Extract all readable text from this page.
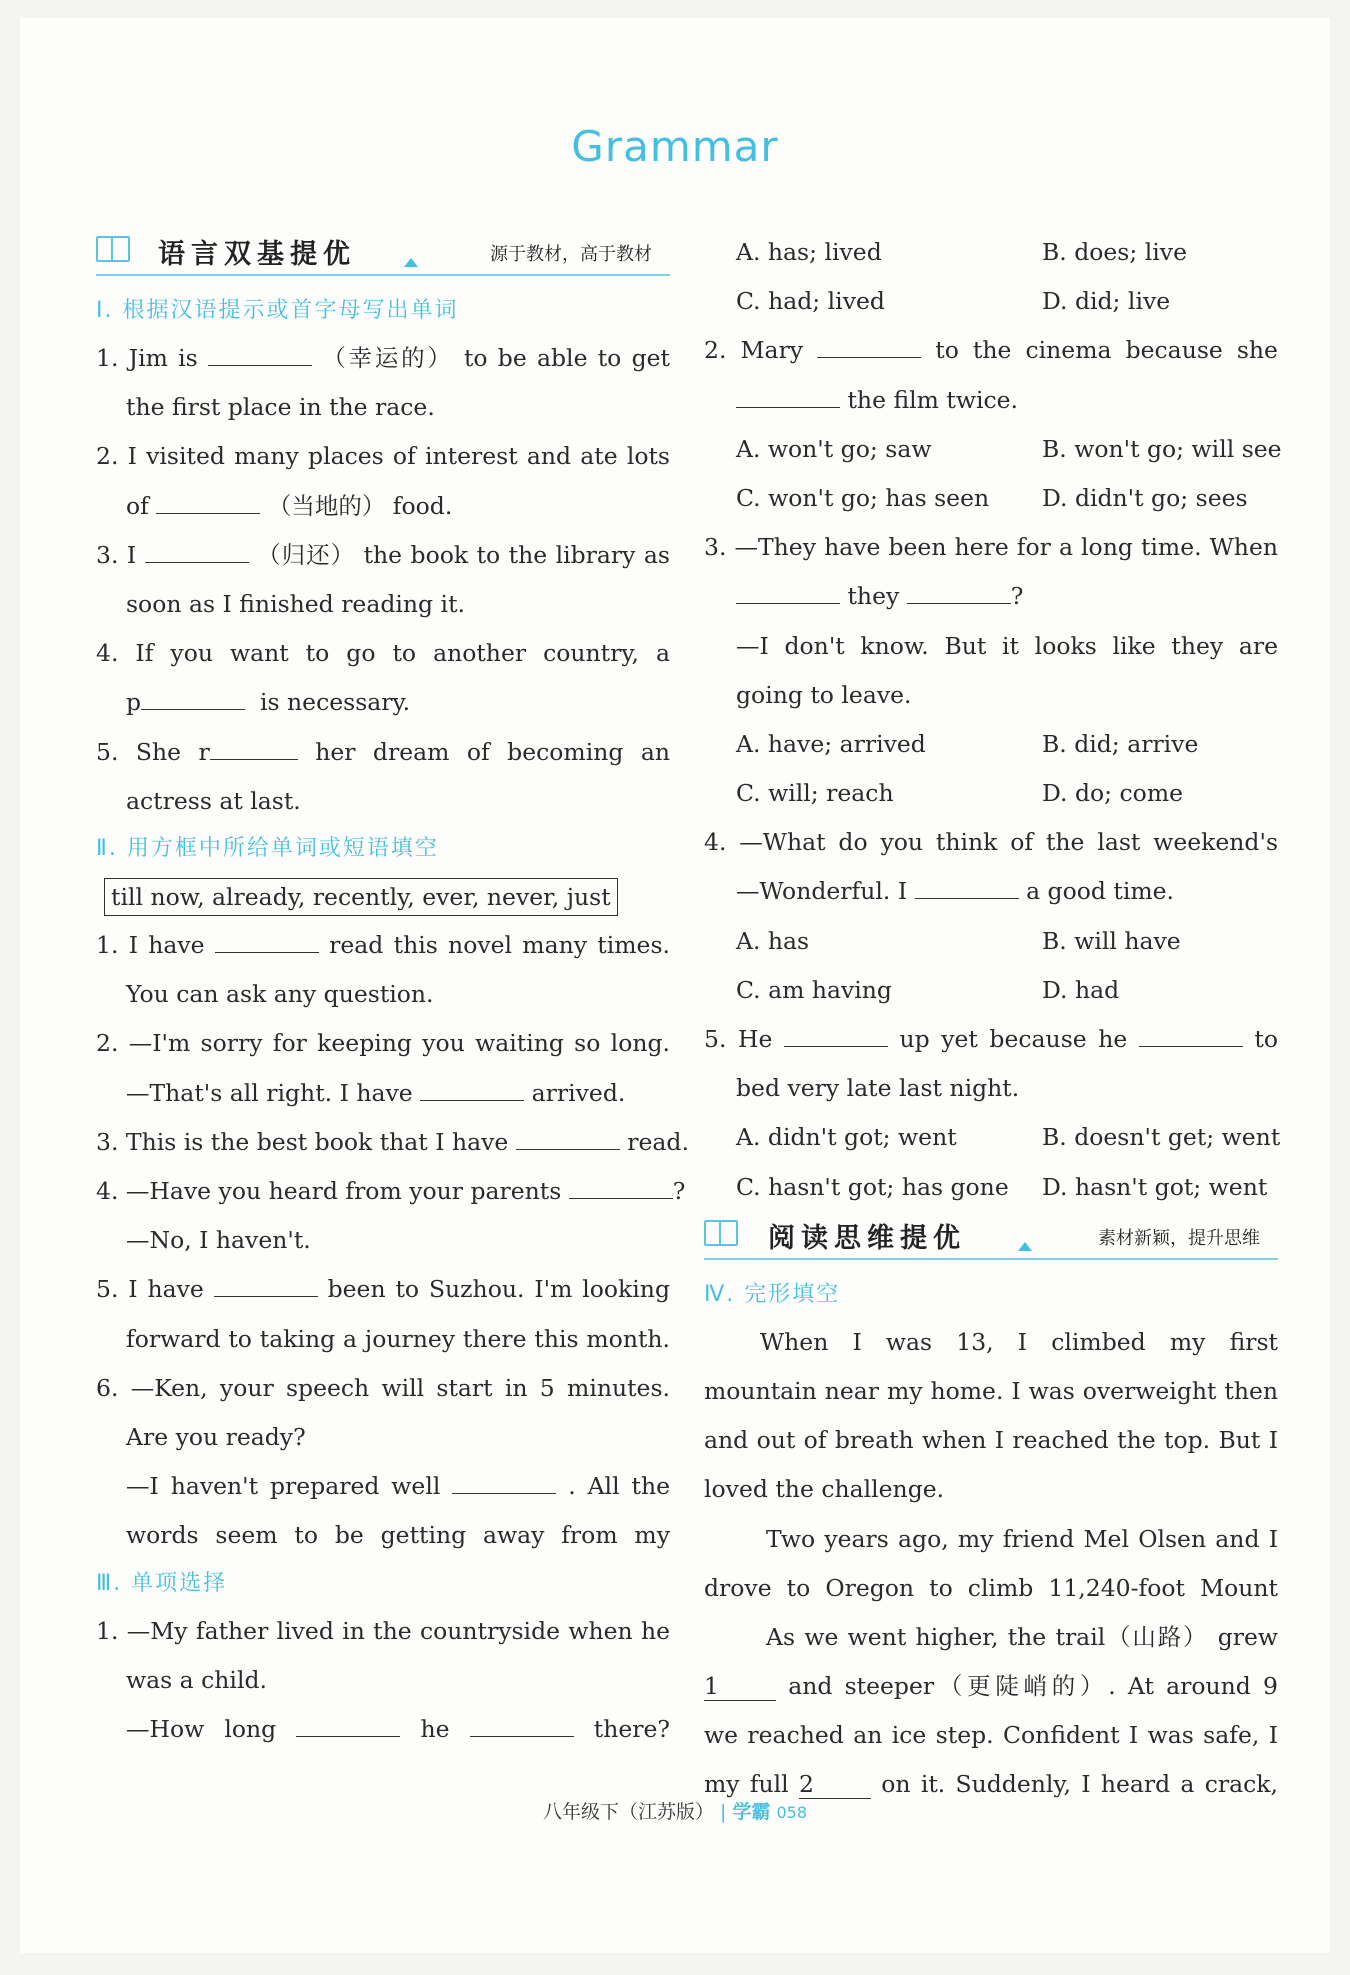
Grammar
语言双基提优	源于教材，高于教材
Ⅰ. 根据汉语提示或首字母写出单词
1. Jim is	（幸运的） to be able to get
the first place in the race.
2. I visited many places of interest and ate lots
of	（当地的） food.
3. I	（归还） the book to the library as
soon as I finished reading it.
4. If you want to go to another country, a
p	is necessary.
5. She r	her dream of becoming an
actress at last.
Ⅱ. 用方框中所给单词或短语填空
till now, already, recently, ever, never, just
1. I have	read this novel many times.
You can ask any question.
2. —I'm sorry for keeping you waiting so long.
—That's all right. I have	arrived.
3. This is the best book that I have	read.
4. —Have you heard from your parents	?
—No, I haven't.
5. I have	been to Suzhou. I'm looking
forward to taking a journey there this month.
6. —Ken, your speech will start in 5 minutes.
Are you ready?
—I haven't prepared well	. All the
words seem to be getting away from my
Ⅲ. 单项选择
1. —My father lived in the countryside when he
was a child.
—How long	he	there?
A. has; lived	B. does; live
C. had; lived	D. did; live
2. Mary	to the cinema because she
the film twice.
A. won't go; saw	B. won't go; will see
C. won't go; has seen D. didn't go; sees
3. —They have been here for a long time. When
they	?
—I don't know. But it looks like they are
going to leave.
A. have; arrived	B. did; arrive
C. will; reach	D. do; come
4. —What do you think of the last weekend's
—Wonderful. I	a good time.
A. has	B. will have
C. am having	D. had
5. He	up yet because he	to
bed very late last night.
A. didn't got; went	B. doesn't get; went
C. hasn't got; has gone D. hasn't got; went
阅读思维提优	素材新颖，提升思维
Ⅳ. 完形填空
When I was 13, I climbed my first
mountain near my home. I was overweight then
and out of breath when I reached the top. But I
loved the challenge.
Two years ago, my friend Mel Olsen and I
drove to Oregon to climb 11,240-foot Mount
As we went higher, the trail（山路） grew
1	and steeper（更陡峭的）. At around 9
we reached an ice step. Confident I was safe, I
my full 2	on it. Suddenly, I heard a crack,
八年级下（江苏版） | 学霸 058
